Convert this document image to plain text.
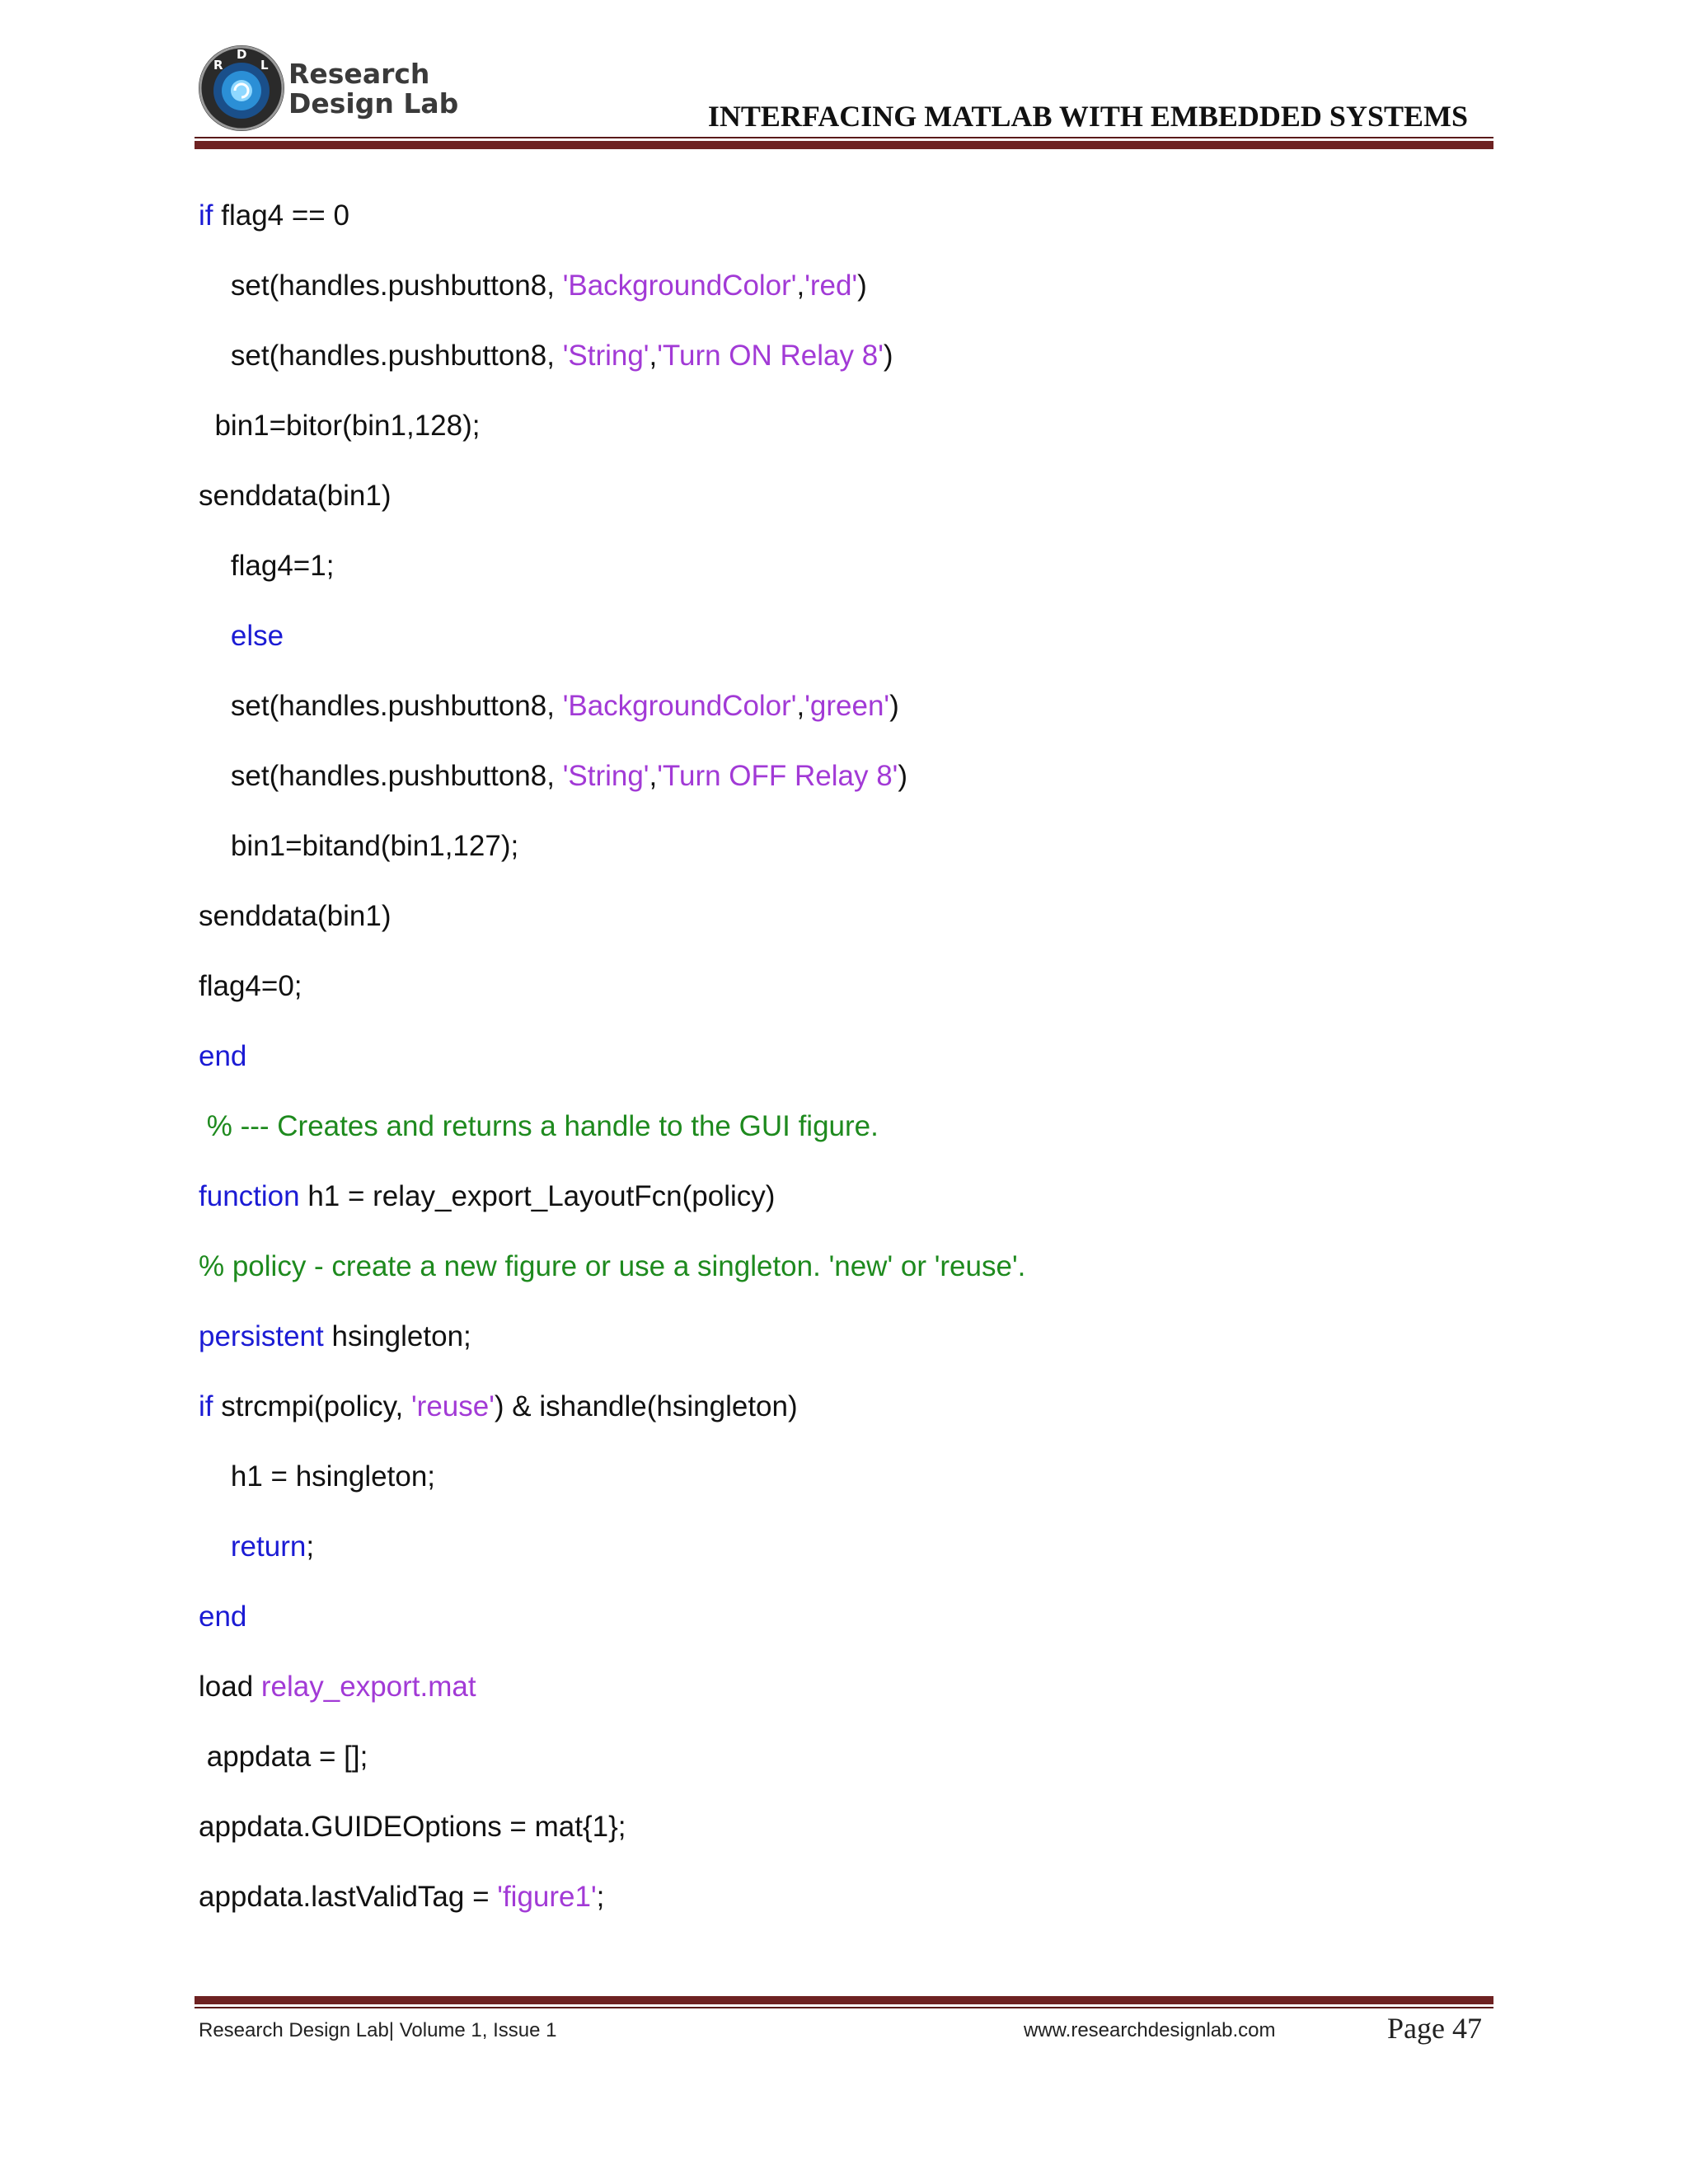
R
D
L Research
Design Lab	INTERFACING MATLAB WITH EMBEDDED SYSTEMS
if flag4 == 0
set(handles.pushbutton8, 'BackgroundColor','red')
set(handles.pushbutton8, 'String','Turn ON Relay 8')
bin1=bitor(bin1,128);
senddata(bin1)
flag4=1;
else
set(handles.pushbutton8, 'BackgroundColor','green')
set(handles.pushbutton8, 'String','Turn OFF Relay 8')
bin1=bitand(bin1,127);
senddata(bin1)
flag4=0;
end
% --- Creates and returns a handle to the GUI figure.
function h1 = relay_export_LayoutFcn(policy)
% policy - create a new figure or use a singleton. 'new' or 'reuse'.
persistent hsingleton;
if strcmpi(policy, 'reuse') & ishandle(hsingleton)
h1 = hsingleton;
return;
end
load relay_export.mat
appdata = [];
appdata.GUIDEOptions = mat{1};
appdata.lastValidTag = 'figure1';
Research Design Lab| Volume 1, Issue 1	www.researchdesignlab.com	Page 47
